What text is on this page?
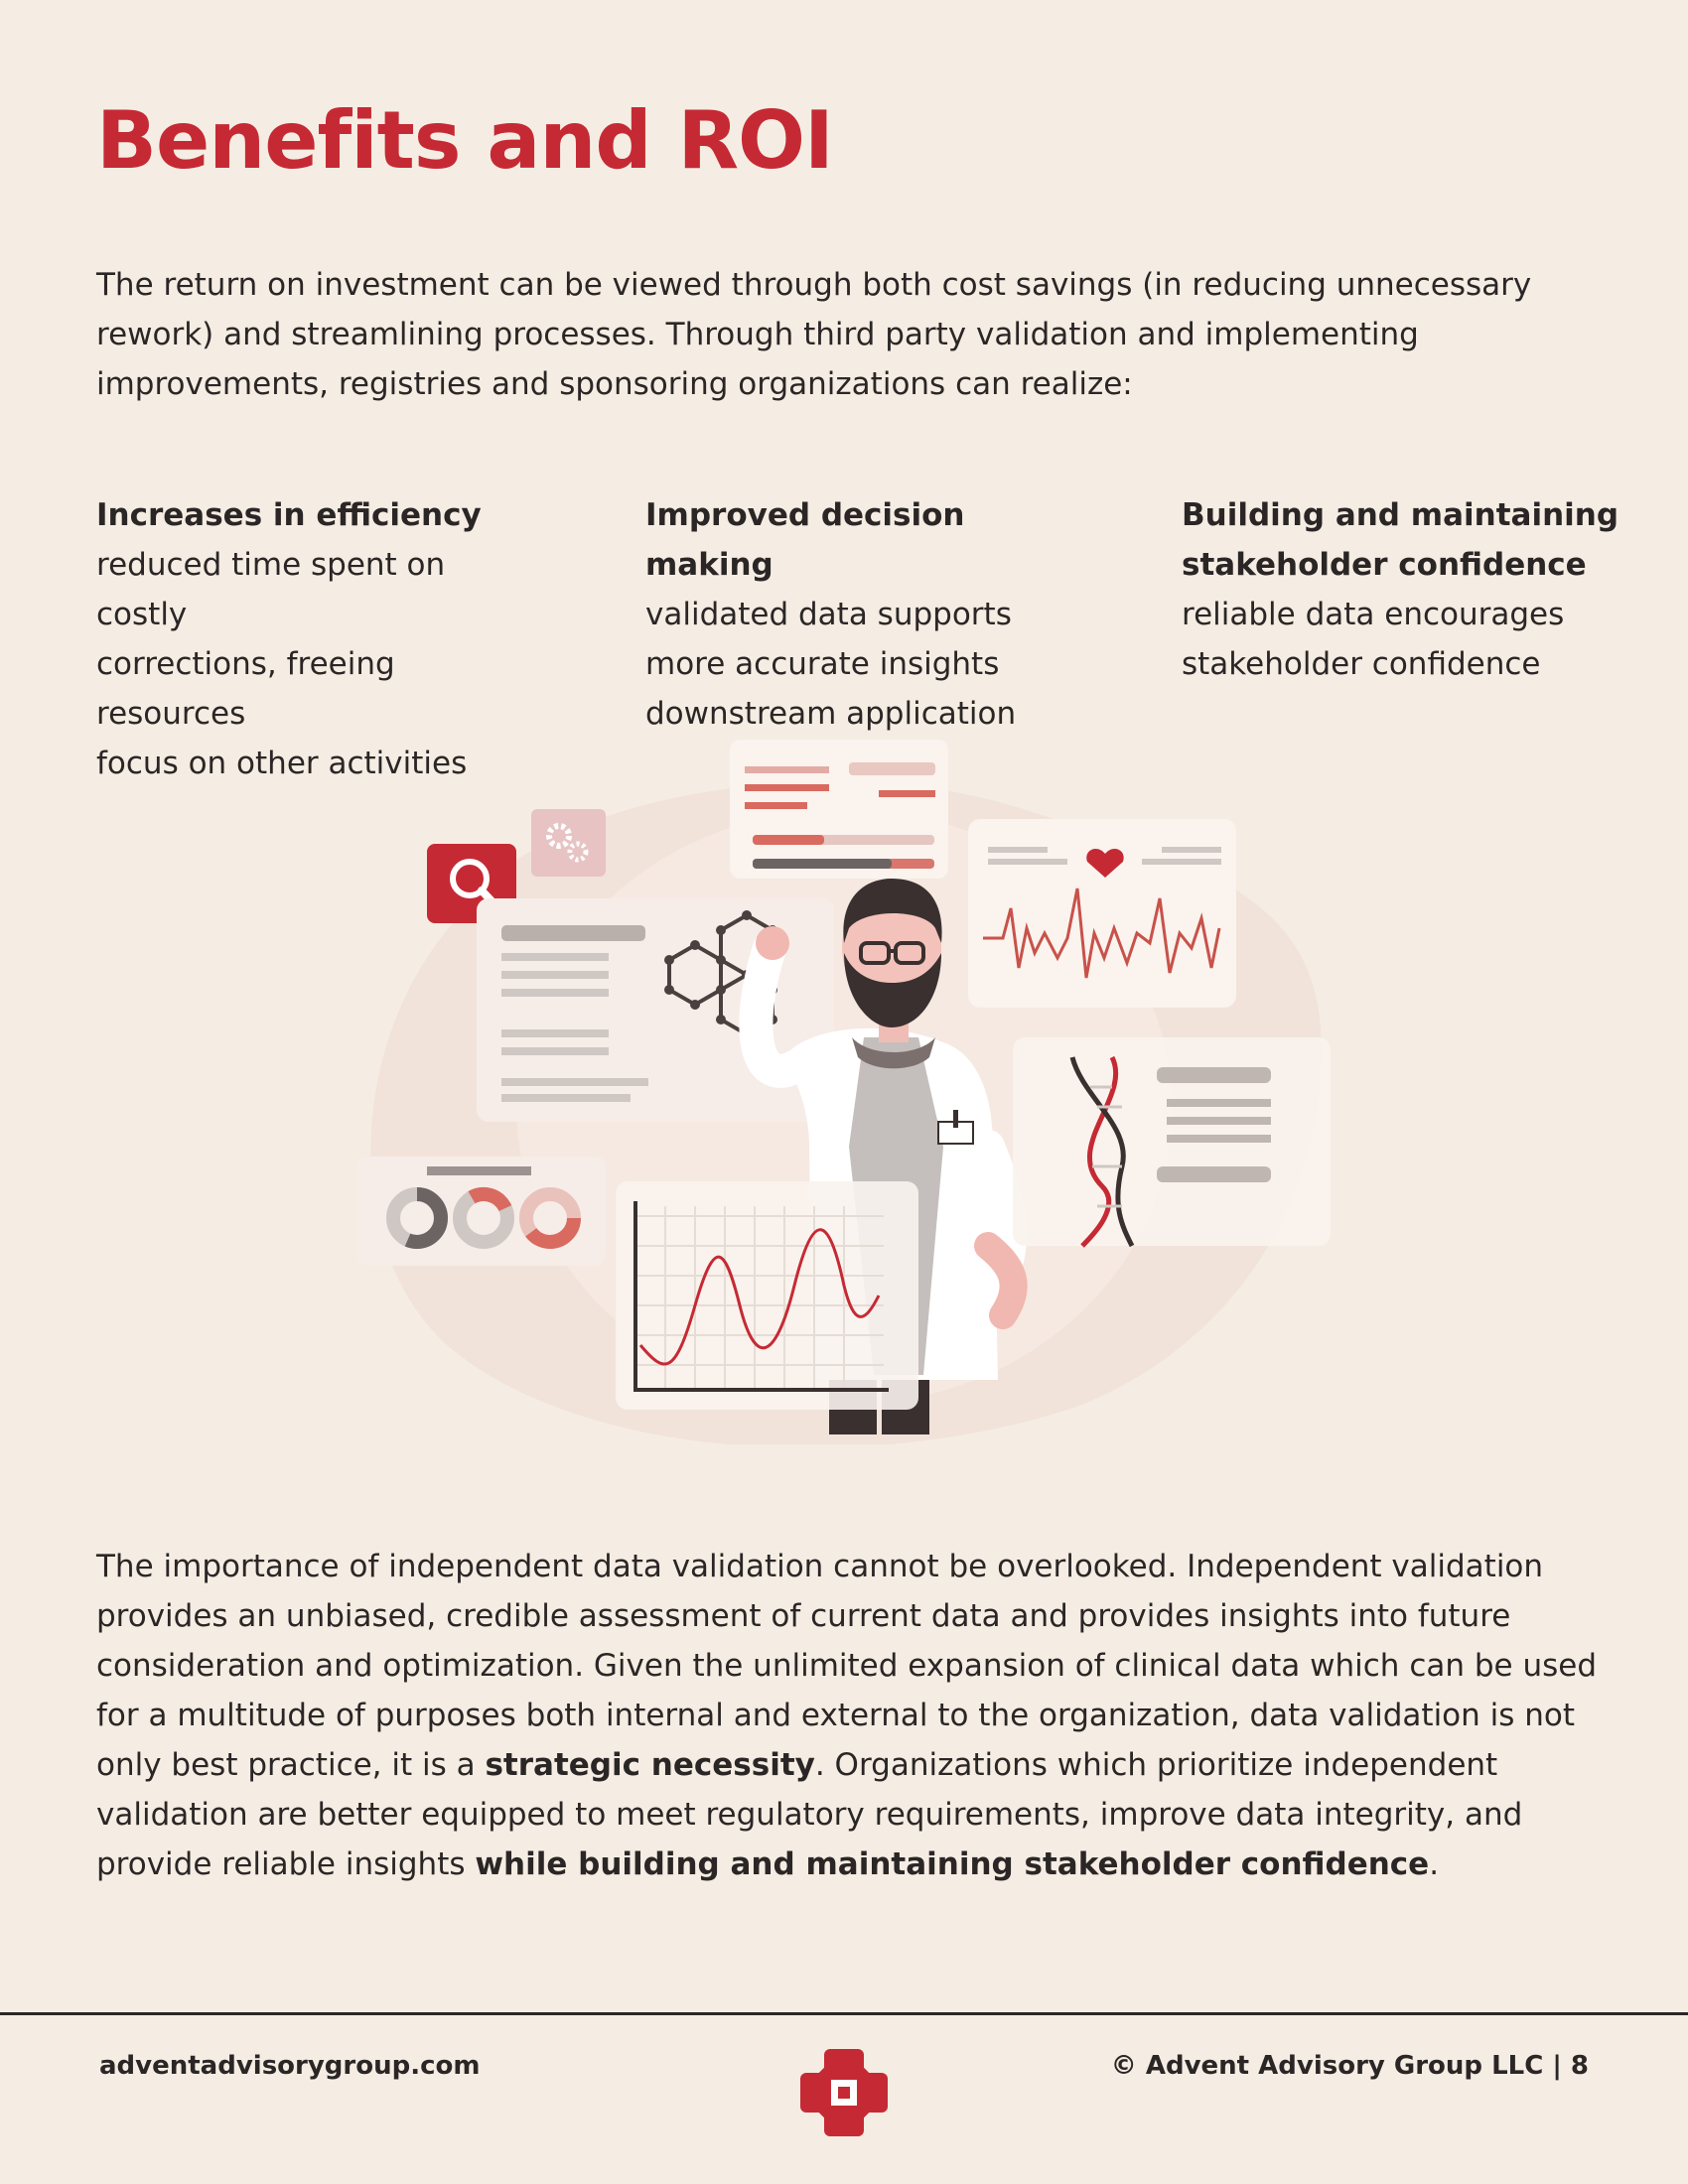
Benefits and ROI

The return on investment can be viewed through both cost savings (in reducing unnecessary rework) and streamlining processes. Through third party validation and implementing improvements, registries and sponsoring organizations can realize:

Increases in efficiency
reduced time spent on costly
corrections, freeing resources
focus on other activities
Improved decision making
validated data supports
more accurate insights
downstream application
Building and maintaining
stakeholder confidence
reliable data encourages
stakeholder confidence

The importance of independent data validation cannot be overlooked. Independent validation provides an unbiased, credible assessment of current data and provides insights into future consideration and optimization. Given the unlimited expansion of clinical data which can be used for a multitude of purposes both internal and external to the organization, data validation is not only best practice, it is a strategic necessity. Organizations which prioritize independent validation are better equipped to meet regulatory requirements, improve data integrity, and provide reliable insights while building and maintaining stakeholder confidence.

adventadvisorygroup.com	© Advent Advisory Group LLC | 8
